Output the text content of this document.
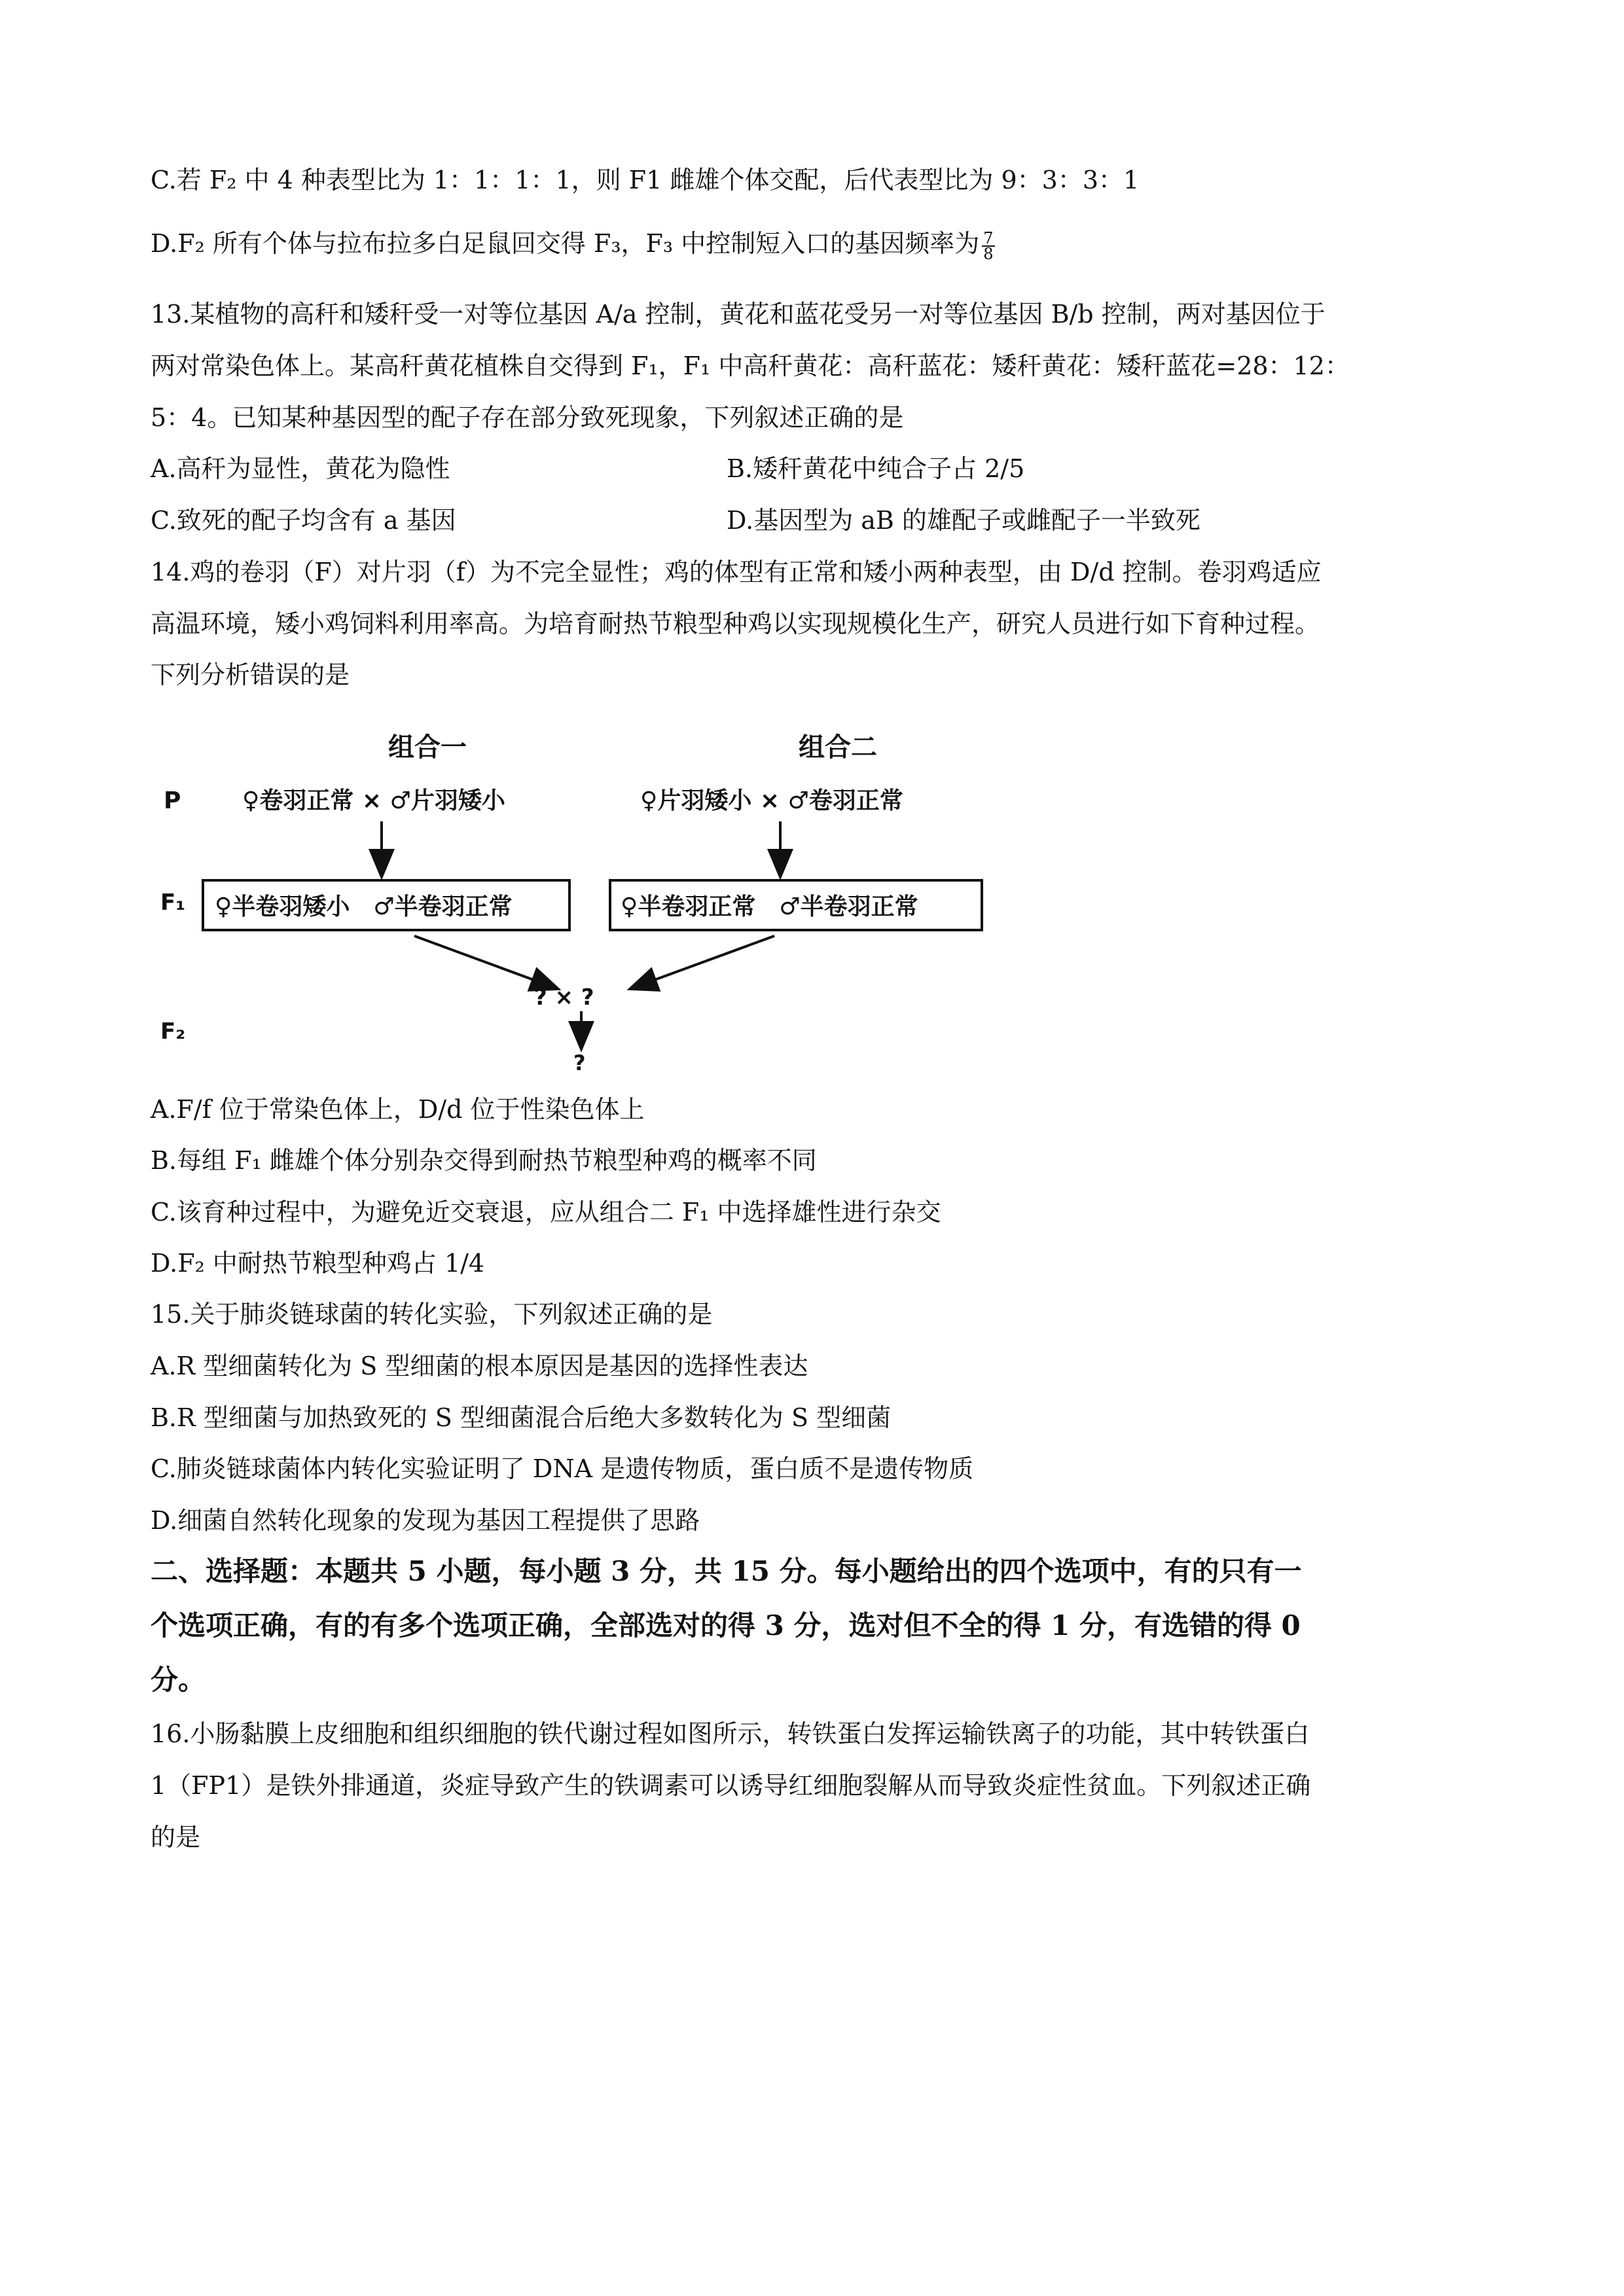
C.若 F₂ 中 4 种表型比为 1：1：1：1，则 F1 雌雄个体交配，后代表型比为 9：3：3：1
D.F₂ 所有个体与拉布拉多白足鼠回交得 F₃，F₃ 中控制短入口的基因频率为 $\frac{7}{8}$
13.某植物的高秆和矮秆受一对等位基因 A/a 控制，黄花和蓝花受另一对等位基因 B/b 控制，两对基因位于
两对常染色体上。某高秆黄花植株自交得到 F₁，F₁ 中高秆黄花：高秆蓝花：矮秆黄花：矮秆蓝花=28：12：
5：4。已知某种基因型的配子存在部分致死现象，下列叙述正确的是
A.高秆为显性，黄花为隐性	B.矮秆黄花中纯合子占 2/5
C.致死的配子均含有 a 基因	D.基因型为 aB 的雄配子或雌配子一半致死
14.鸡的卷羽（F）对片羽（f）为不完全显性；鸡的体型有正常和矮小两种表型，由 D/d 控制。卷羽鸡适应
高温环境，矮小鸡饲料利用率高。为培育耐热节粮型种鸡以实现规模化生产，研究人员进行如下育种过程。
下列分析错误的是
组合一	组合二
P	♀卷羽正常 × ♂片羽矮小	♀片羽矮小 × ♂卷羽正常
F₁ ♀半卷羽矮小　♂半卷羽正常	♀半卷羽正常　♂半卷羽正常
? × ?
F₂
?
A.F/f 位于常染色体上，D/d 位于性染色体上
B.每组 F₁ 雌雄个体分别杂交得到耐热节粮型种鸡的概率不同
C.该育种过程中，为避免近交衰退，应从组合二 F₁ 中选择雄性进行杂交
D.F₂ 中耐热节粮型种鸡占 1/4
15.关于肺炎链球菌的转化实验，下列叙述正确的是
A.R 型细菌转化为 S 型细菌的根本原因是基因的选择性表达
B.R 型细菌与加热致死的 S 型细菌混合后绝大多数转化为 S 型细菌
C.肺炎链球菌体内转化实验证明了 DNA 是遗传物质，蛋白质不是遗传物质
D.细菌自然转化现象的发现为基因工程提供了思路
二、选择题：本题共 5 小题，每小题 3 分，共 15 分。每小题给出的四个选项中，有的只有一
个选项正确，有的有多个选项正确，全部选对的得 3 分，选对但不全的得 1 分，有选错的得 0
分。
16.小肠黏膜上皮细胞和组织细胞的铁代谢过程如图所示，转铁蛋白发挥运输铁离子的功能，其中转铁蛋白
1（FP1）是铁外排通道，炎症导致产生的铁调素可以诱导红细胞裂解从而导致炎症性贫血。下列叙述正确
的是
